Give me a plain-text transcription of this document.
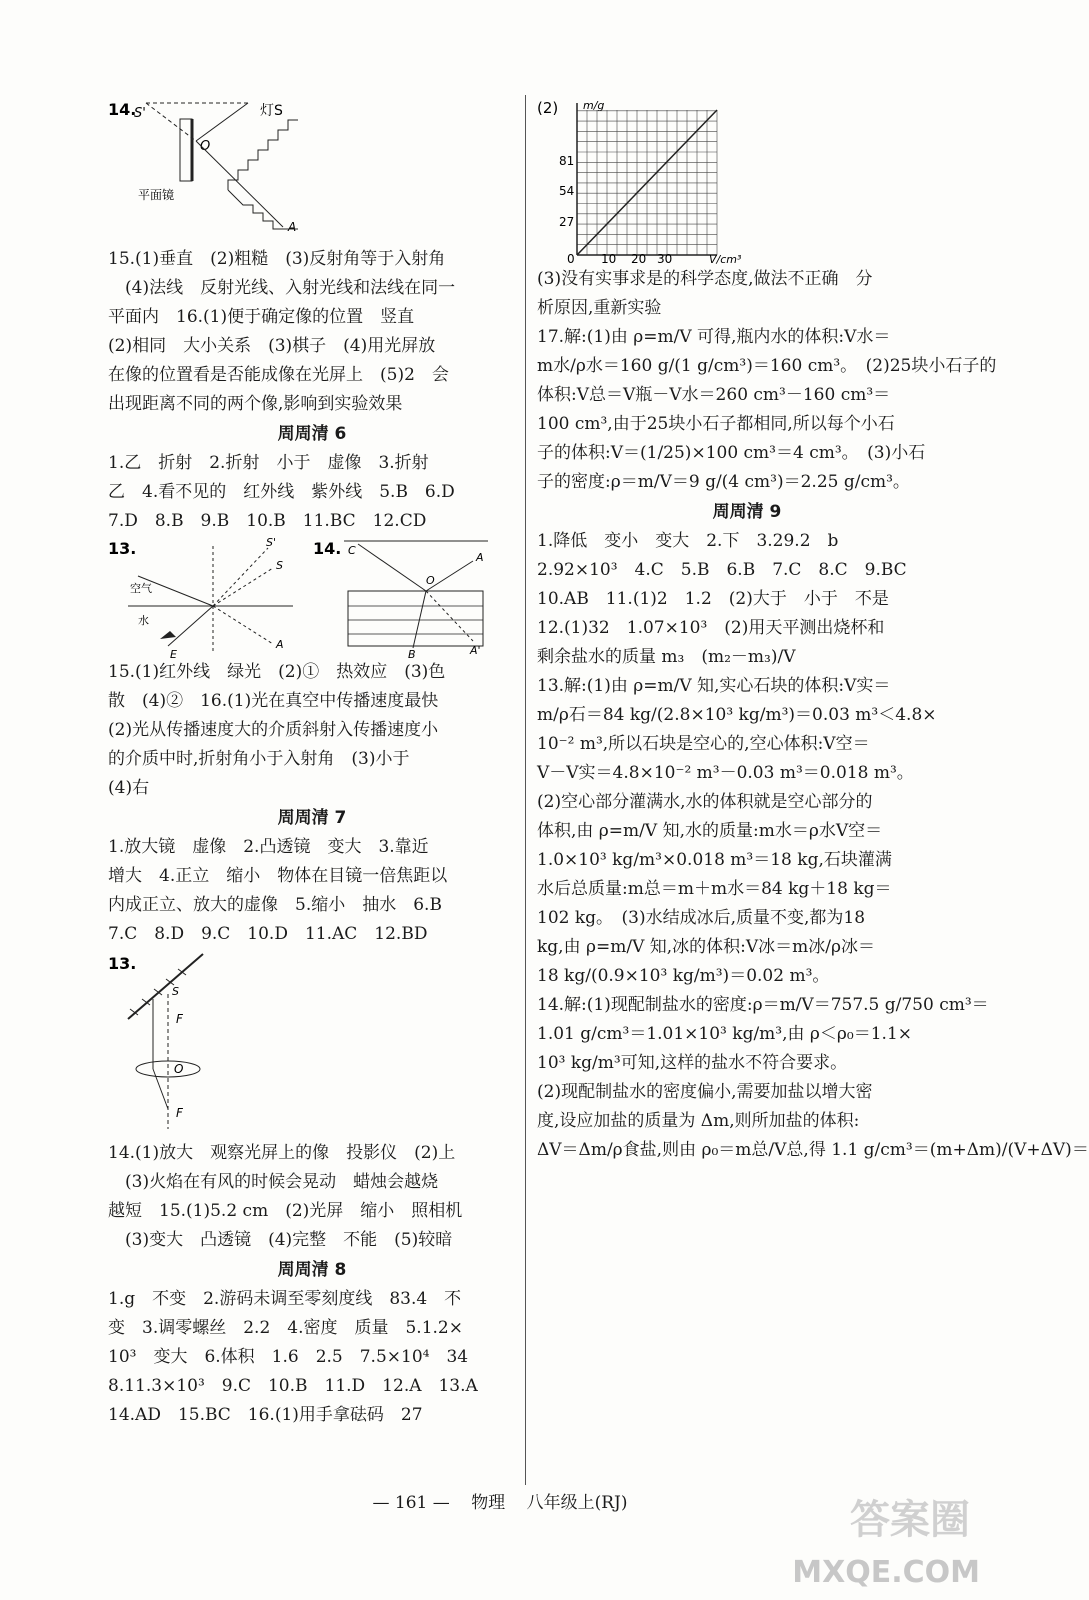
14.
S'	灯S
O
A
平面镜
15.(1)垂直　(2)粗糙　(3)反射角等于入射角
　(4)法线　反射光线、入射光线和法线在同一
平面内　16.(1)便于确定像的位置　竖直
(2)相同　大小关系　(3)棋子　(4)用光屏放
在像的位置看是否能成像在光屏上　(5)2　会
出现距离不同的两个像,影响到实验效果
周周清 6
1.乙　折射　2.折射　小于　虚像　3.折射
乙　4.看不见的　红外线　紫外线　5.B　6.D
7.D　8.B　9.B　10.B　11.BC　12.CD
13.
空气
水
S'
S
A
E
14. C
O
A
A'
B
15.(1)红外线　绿光　(2)①　热效应　(3)色
散　(4)②　16.(1)光在真空中传播速度最快
(2)光从传播速度大的介质斜射入传播速度小
的介质中时,折射角小于入射角　(3)小于
(4)右
周周清 7
1.放大镜　虚像　2.凸透镜　变大　3.靠近
增大　4.正立　缩小　物体在目镜一倍焦距以
内成正立、放大的虚像　5.缩小　抽水　6.B
7.C　8.D　9.C　10.D　11.AC　12.BD
13.
S
F
O
F
14.(1)放大　观察光屏上的像　投影仪　(2)上
　(3)火焰在有风的时候会晃动　蜡烛会越烧
越短　15.(1)5.2 cm　(2)光屏　缩小　照相机
　(3)变大　凸透镜　(4)完整　不能　(5)较暗
周周清 8
1.g　不变　2.游码未调至零刻度线　83.4　不
变　3.调零螺丝　2.2　4.密度　质量　5.1.2×
10³　变大　6.体积　1.6　2.5　7.5×10⁴　34
8.11.3×10³　9.C　10.B　11.D　12.A　13.A
14.AD　15.BC　16.(1)用手拿砝码　27
(2) m/g
81
54
27
0 10 20 30	V/cm³
(3)没有实事求是的科学态度,做法不正确　分
析原因,重新实验
17.解:(1)由 ρ=m/V 可得,瓶内水的体积:V水＝
m水/ρ水＝160 g/(1 g/cm³)＝160 cm³。　(2)25块小石子的
体积:V总＝V瓶－V水＝260 cm³－160 cm³＝
100 cm³,由于25块小石子都相同,所以每个小石
子的体积:V＝(1/25)×100 cm³＝4 cm³。　(3)小石
子的密度:ρ＝m/V＝9 g/(4 cm³)＝2.25 g/cm³。
周周清 9
1.降低　变小　变大　2.下　3.29.2　b
2.92×10³　4.C　5.B　6.B　7.C　8.C　9.BC
10.AB　11.(1)2　1.2　(2)大于　小于　不是
12.(1)32　1.07×10³　(2)用天平测出烧杯和
剩余盐水的质量 m₃　(m₂－m₃)/V
13.解:(1)由 ρ=m/V 知,实心石块的体积:V实＝
m/ρ石＝84 kg/(2.8×10³ kg/m³)＝0.03 m³＜4.8×
10⁻² m³,所以石块是空心的,空心体积:V空＝
V－V实＝4.8×10⁻² m³－0.03 m³＝0.018 m³。
(2)空心部分灌满水,水的体积就是空心部分的
体积,由 ρ=m/V 知,水的质量:m水＝ρ水V空＝
1.0×10³ kg/m³×0.018 m³＝18 kg,石块灌满
水后总质量:m总＝m＋m水＝84 kg＋18 kg＝
102 kg。　(3)水结成冰后,质量不变,都为18
kg,由 ρ=m/V 知,冰的体积:V冰＝m冰/ρ冰＝
18 kg/(0.9×10³ kg/m³)＝0.02 m³。
14.解:(1)现配制盐水的密度:ρ＝m/V＝757.5 g/750 cm³＝
1.01 g/cm³＝1.01×10³ kg/m³,由 ρ＜ρ₀＝1.1×
10³ kg/m³可知,这样的盐水不符合要求。
(2)现配制盐水的密度偏小,需要加盐以增大密
度,设应加盐的质量为 Δm,则所加盐的体积:
ΔV＝Δm/ρ食盐,则由 ρ₀＝m总/V总,得 1.1 g/cm³＝(m+Δm)/(V+ΔV)＝
— 161 — 物理 八年级上(RJ)	答案圈
MXQE.COM
